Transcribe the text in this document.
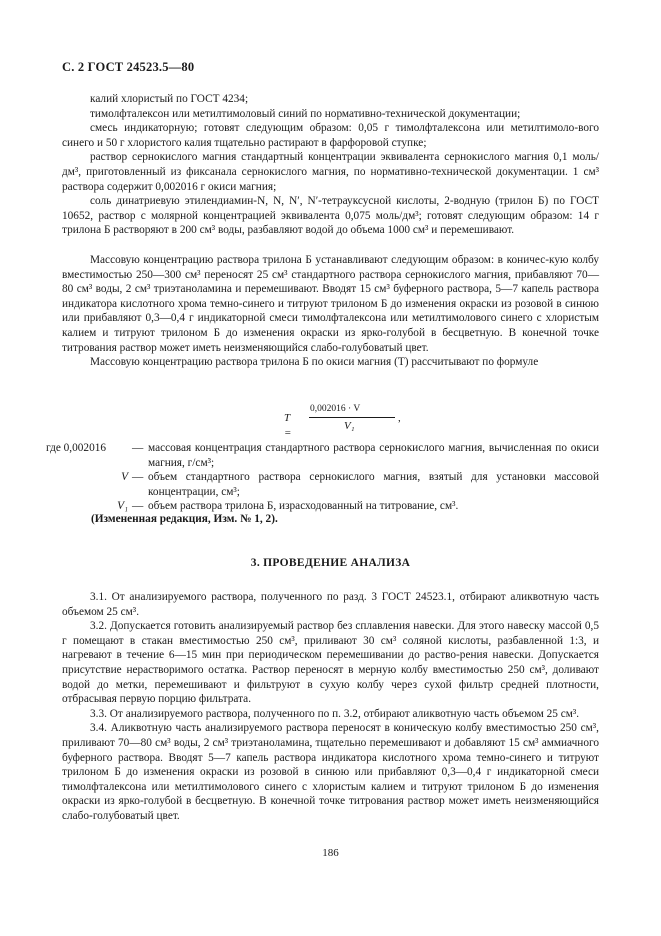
С. 2 ГОСТ 24523.5—80

калий хлористый по ГОСТ 4234;

тимолфталексон или метилтимоловый синий по нормативно-технической документации;

смесь индикаторную; готовят следующим образом: 0,05 г тимолфталексона или метилтимоло-вого синего и 50 г хлористого калия тщательно растирают в фарфоровой ступке;

раствор сернокислого магния стандартный концентрации эквивалента сернокислого магния 0,1 моль/дм³, приготовленный из фиксанала сернокислого магния, по нормативно-технической документации. 1 см³ раствора содержит 0,002016 г окиси магния;

соль динатриевую этилендиамин-N, N, N′, N′-тетрауксусной кислоты, 2-водную (трилон Б) по ГОСТ 10652, раствор с молярной концентрацией эквивалента 0,075 моль/дм³; готовят следующим образом: 14 г трилона Б растворяют в 200 см³ воды, разбавляют водой до объема 1000 см³ и перемешивают.

Массовую концентрацию раствора трилона Б устанавливают следующим образом: в коничес-кую колбу вместимостью 250—300 см³ переносят 25 см³ стандартного раствора сернокислого магния, прибавляют 70—80 см³ воды, 2 см³ триэтаноламина и перемешивают. Вводят 15 см³ буферного раствора, 5—7 капель раствора индикатора кислотного хрома темно-синего и титруют трилоном Б до изменения окраски из розовой в синюю или прибавляют 0,3—0,4 г индикаторной смеси тимолфталексона или метилтимолового синего с хлористым калием и титруют трилоном Б до изменения окраски из ярко-голубой в бесцветную. В конечной точке титрования раствор может иметь неизменяющийся слабо-голубоватый цвет.

Массовую концентрацию раствора трилона Б по окиси магния (T) рассчитывают по формуле

T =
0,002016 · V
V₁
,
где 0,002016	— массовая концентрация стандартного раствора сернокислого магния, вычисленная по окиси магния, г/см³;

V — объем стандартного раствора сернокислого магния, взятый для установки массовой концентрации, см³;

V₁ — объем раствора трилона Б, израсходованный на титрование, см³.

(Измененная редакция, Изм. № 1, 2).
3. ПРОВЕДЕНИЕ АНАЛИЗА

3.1. От анализируемого раствора, полученного по разд. 3 ГОСТ 24523.1, отбирают аликвотную часть объемом 25 см³.

3.2. Допускается готовить анализируемый раствор без сплавления навески. Для этого навеску массой 0,5 г помещают в стакан вместимостью 250 см³, приливают 30 см³ соляной кислоты, разбавленной 1:3, и нагревают в течение 6—15 мин при периодическом перемешивании до раство-рения навески. Допускается присутствие нерастворимого остатка. Раствор переносят в мерную колбу вместимостью 250 см³, доливают водой до метки, перемешивают и фильтруют в сухую колбу через сухой фильтр средней плотности, отбрасывая первую порцию фильтрата.

3.3. От анализируемого раствора, полученного по п. 3.2, отбирают аликвотную часть объемом 25 см³.

3.4. Аликвотную часть анализируемого раствора переносят в коническую колбу вместимостью 250 см³, приливают 70—80 см³ воды, 2 см³ триэтаноламина, тщательно перемешивают и добавляют 15 см³ аммиачного буферного раствора. Вводят 5—7 капель раствора индикатора кислотного хрома темно-синего и титруют трилоном Б до изменения окраски из розовой в синюю или прибавляют 0,3—0,4 г индикаторной смеси тимолфталексона или метилтимолового синего с хлористым калием и титруют трилоном Б до изменения окраски из ярко-голубой в бесцветную. В конечной точке титрования раствор может иметь неизменяющийся слабо-голубоватый цвет.

186
